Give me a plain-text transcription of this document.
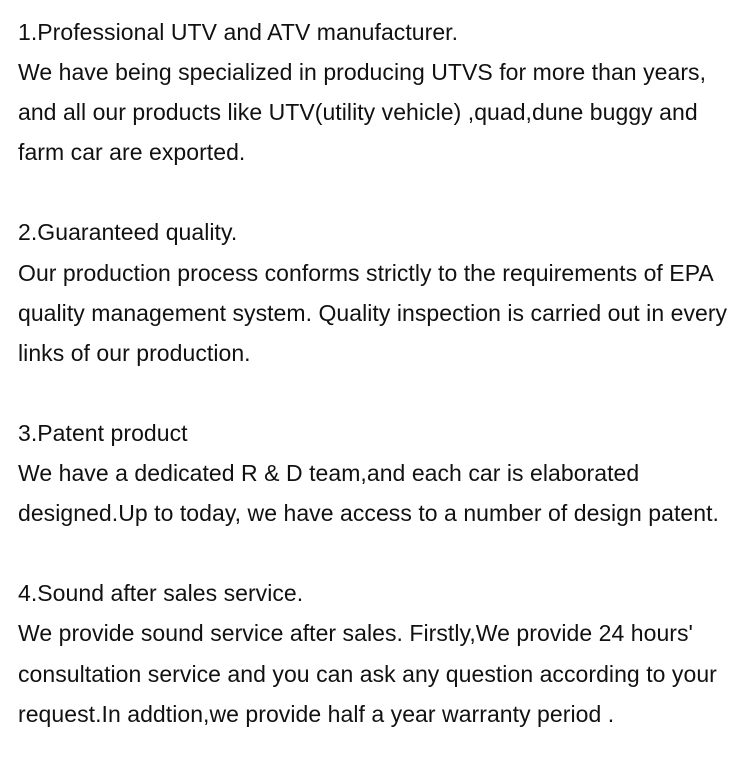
1.Professional UTV and ATV manufacturer.
We have being specialized in producing UTVS for more than years,
and all our products like UTV(utility vehicle) ,quad,dune buggy and
farm car are exported.
2.Guaranteed quality.
Our production process conforms strictly to the requirements of EPA
quality management system. Quality inspection is carried out in every
links of our production.
3.Patent product
We have a dedicated R & D team,and each car is elaborated
designed.Up to today, we have access to a number of design patent.
4.Sound after sales service.
We provide sound service after sales. Firstly,We provide 24 hours'
consultation service and you can ask any question according to your
request.In addtion,we provide half a year warranty period .
